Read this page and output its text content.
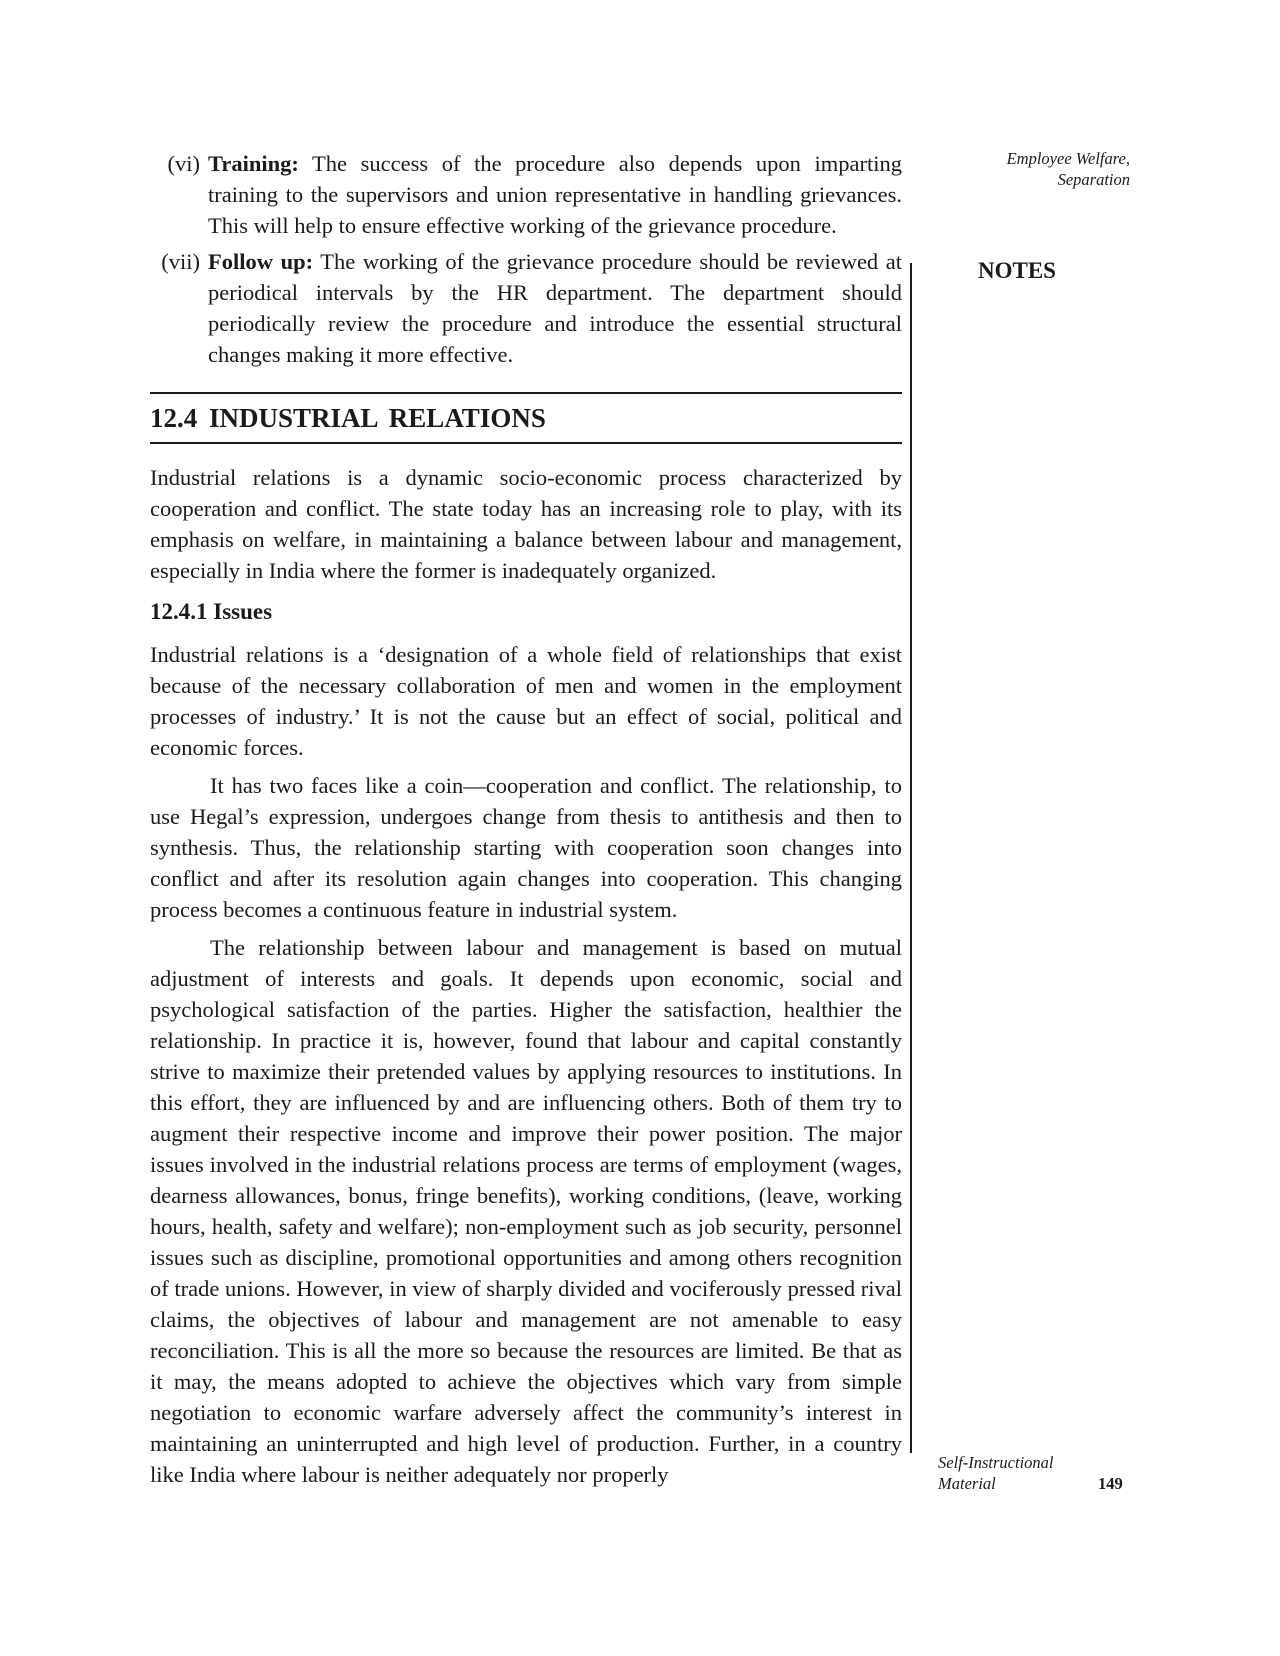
(vi) Training: The success of the procedure also depends upon imparting training to the supervisors and union representative in handling grievances. This will help to ensure effective working of the grievance procedure.
(vii) Follow up: The working of the grievance procedure should be reviewed at periodical intervals by the HR department. The department should periodically review the procedure and introduce the essential structural changes making it more effective.
12.4 INDUSTRIAL RELATIONS

Industrial relations is a dynamic socio-economic process characterized by cooperation and conflict. The state today has an increasing role to play, with its emphasis on welfare, in maintaining a balance between labour and management, especially in India where the former is inadequately organized.

12.4.1 Issues

Industrial relations is a ‘designation of a whole field of relationships that exist because of the necessary collaboration of men and women in the employment processes of industry.’ It is not the cause but an effect of social, political and economic forces.

It has two faces like a coin—cooperation and conflict. The relationship, to use Hegal’s expression, undergoes change from thesis to antithesis and then to synthesis. Thus, the relationship starting with cooperation soon changes into conflict and after its resolution again changes into cooperation. This changing process becomes a continuous feature in industrial system.

The relationship between labour and management is based on mutual adjustment of interests and goals. It depends upon economic, social and psychological satisfaction of the parties. Higher the satisfaction, healthier the relationship. In practice it is, however, found that labour and capital constantly strive to maximize their pretended values by applying resources to institutions. In this effort, they are influenced by and are influencing others. Both of them try to augment their respective income and improve their power position. The major issues involved in the industrial relations process are terms of employment (wages, dearness allowances, bonus, fringe benefits), working conditions, (leave, working hours, health, safety and welfare); non-employment such as job security, personnel issues such as discipline, promotional opportunities and among others recognition of trade unions. However, in view of sharply divided and vociferously pressed rival claims, the objectives of labour and management are not amenable to easy reconciliation. This is all the more so because the resources are limited. Be that as it may, the means adopted to achieve the objectives which vary from simple negotiation to economic warfare adversely affect the community’s interest in maintaining an uninterrupted and high level of production. Further, in a country like India where labour is neither adequately nor properly

Employee Welfare,
Separation
NOTES
Self-Instructional
Material	149
